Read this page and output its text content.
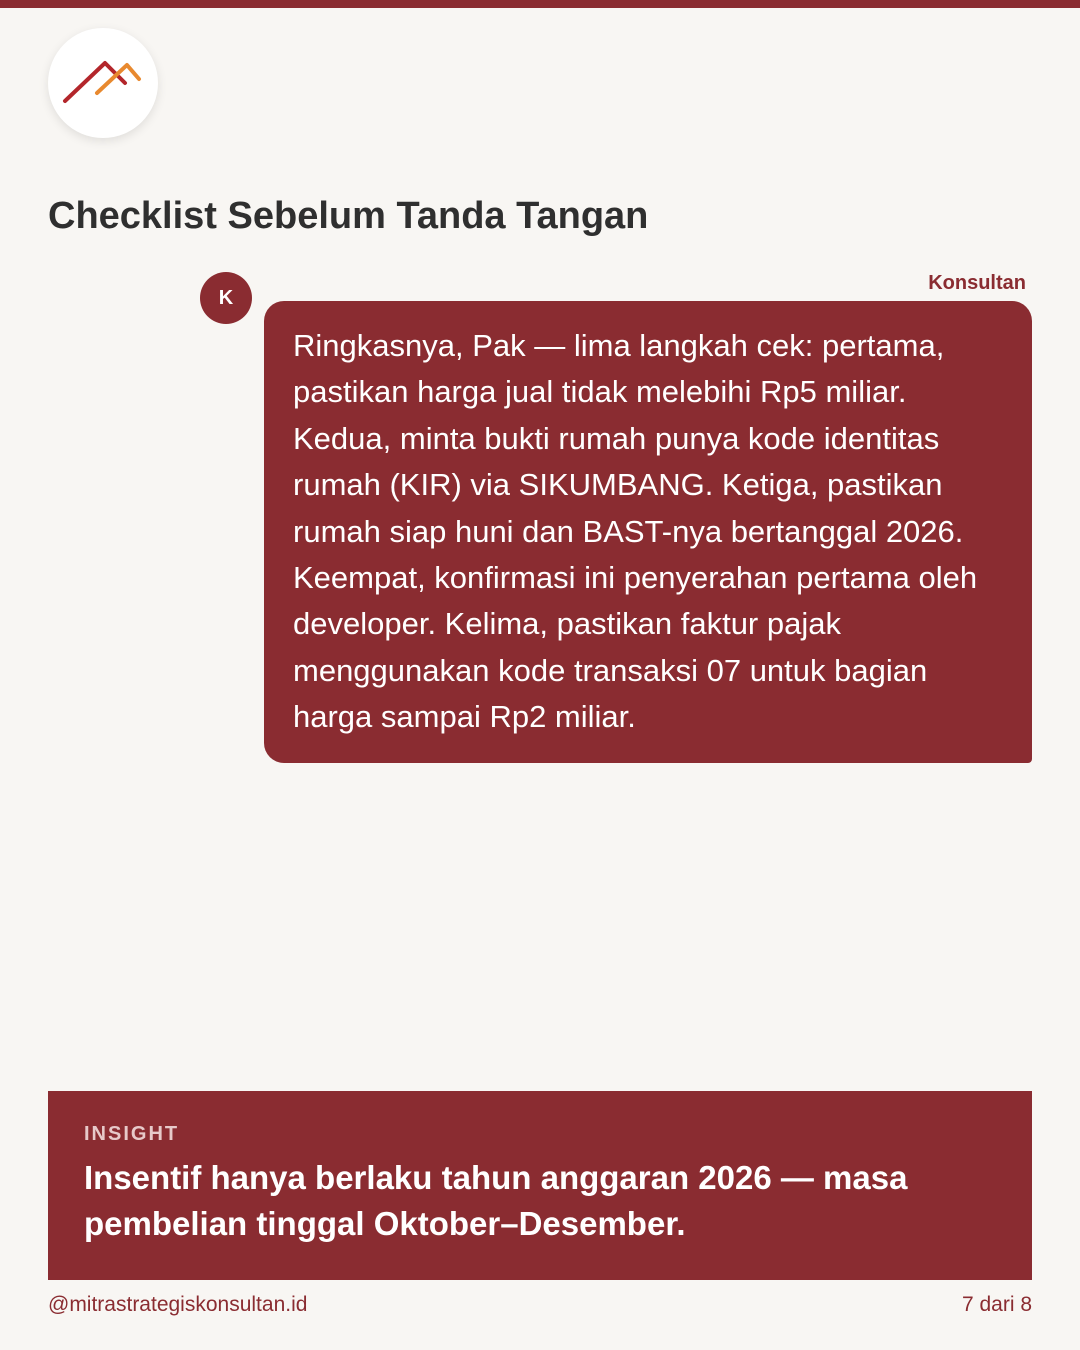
Checklist Sebelum Tanda Tangan
K
Konsultan
Ringkasnya, Pak — lima langkah cek: pertama, pastikan harga jual tidak melebihi Rp5 miliar. Kedua, minta bukti rumah punya kode identitas rumah (KIR) via SIKUMBANG. Ketiga, pastikan rumah siap huni dan BAST-nya bertanggal 2026. Keempat, konfirmasi ini penyerahan pertama oleh developer. Kelima, pastikan faktur pajak menggunakan kode transaksi 07 untuk bagian harga sampai Rp2 miliar.
INSIGHT
Insentif hanya berlaku tahun anggaran 2026 — masa pembelian tinggal Oktober–Desember.
@mitrastrategiskonsultan.id	7 dari 8
